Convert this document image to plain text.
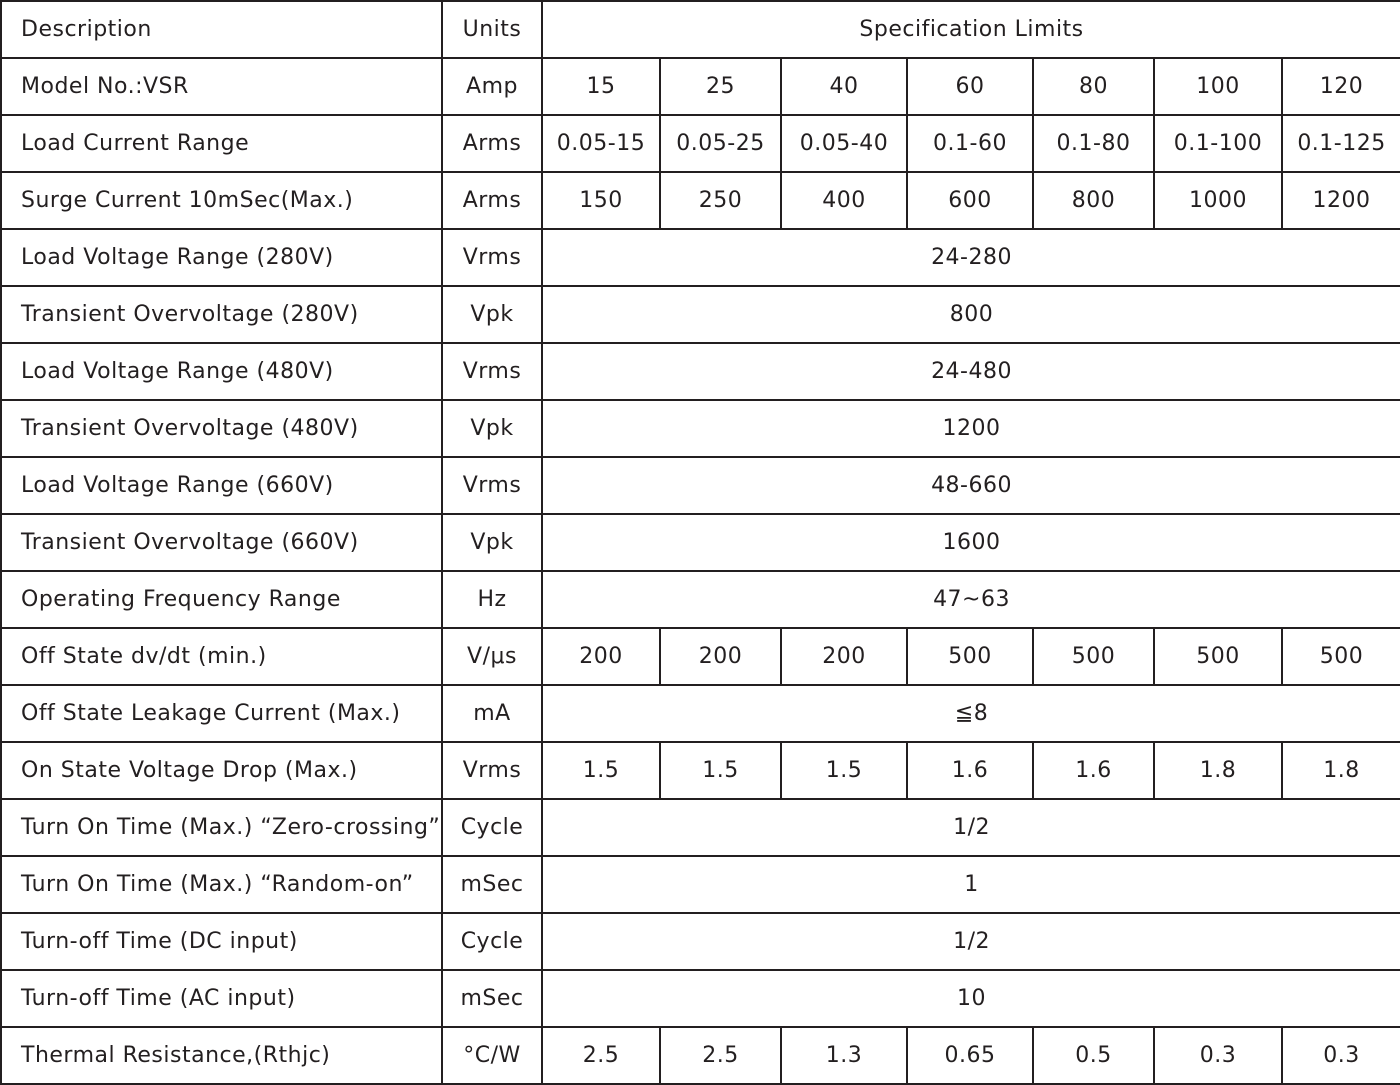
Description	Units	Specification Limits						
Model No.:VSR	Amp	15	25	40	60	80	100	120
Load Current Range	Arms	0.05-15	0.05-25	0.05-40	0.1-60	0.1-80	0.1-100	0.1-125
Surge Current 10mSec(Max.)	Arms	150	250	400	600	800	1000	1200
Load Voltage Range (280V)	Vrms	24-280						
Transient Overvoltage (280V)	Vpk	800						
Load Voltage Range (480V)	Vrms	24-480						
Transient Overvoltage (480V)	Vpk	1200						
Load Voltage Range (660V)	Vrms	48-660						
Transient Overvoltage (660V)	Vpk	1600						
Operating Frequency Range	Hz	47~63						
Off State dv/dt (min.)	V/μs	200	200	200	500	500	500	500
Off State Leakage Current (Max.)	mA	≦8						
On State Voltage Drop (Max.)	Vrms	1.5	1.5	1.5	1.6	1.6	1.8	1.8
Turn On Time (Max.) “Zero-crossing”	Cycle	1/2						
Turn On Time (Max.) “Random-on”	mSec	1						
Turn-off Time (DC input)	Cycle	1/2						
Turn-off Time (AC input)	mSec	10						
Thermal Resistance,(Rthjc)	°C/W	2.5	2.5	1.3	0.65	0.5	0.3	0.3
